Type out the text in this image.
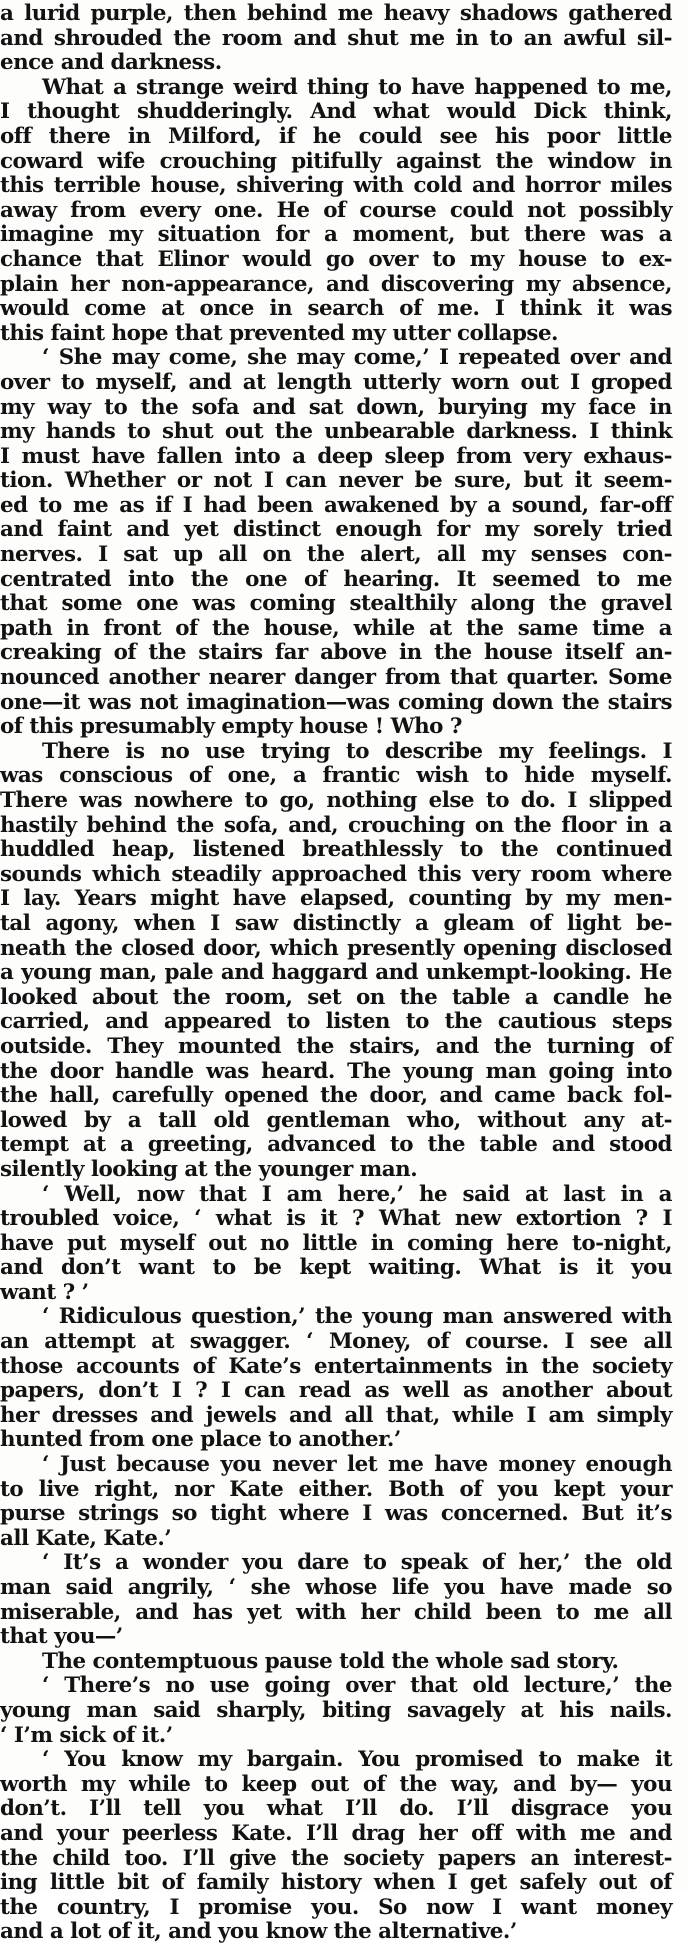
a lurid purple, then behind me heavy shadows gathered
and shrouded the room and shut me in to an awful sil-
ence and darkness.
What a strange weird thing to have happened to me,
I thought shudderingly. And what would Dick think,
off there in Milford, if he could see his poor little
coward wife crouching pitifully against the window in
this terrible house, shivering with cold and horror miles
away from every one. He of course could not possibly
imagine my situation for a moment, but there was a
chance that Elinor would go over to my house to ex-
plain her non-appearance, and discovering my absence,
would come at once in search of me. I think it was
this faint hope that prevented my utter collapse.
‘ She may come, she may come,’ I repeated over and
over to myself, and at length utterly worn out I groped
my way to the sofa and sat down, burying my face in
my hands to shut out the unbearable darkness. I think
I must have fallen into a deep sleep from very exhaus-
tion. Whether or not I can never be sure, but it seem-
ed to me as if I had been awakened by a sound, far-off
and faint and yet distinct enough for my sorely tried
nerves. I sat up all on the alert, all my senses con-
centrated into the one of hearing. It seemed to me
that some one was coming stealthily along the gravel
path in front of the house, while at the same time a
creaking of the stairs far above in the house itself an-
nounced another nearer danger from that quarter. Some
one—it was not imagination—was coming down the stairs
of this presumably empty house ! Who ?
There is no use trying to describe my feelings. I
was conscious of one, a frantic wish to hide myself.
There was nowhere to go, nothing else to do. I slipped
hastily behind the sofa, and, crouching on the floor in a
huddled heap, listened breathlessly to the continued
sounds which steadily approached this very room where
I lay. Years might have elapsed, counting by my men-
tal agony, when I saw distinctly a gleam of light be-
neath the closed door, which presently opening disclosed
a young man, pale and haggard and unkempt-looking. He
looked about the room, set on the table a candle he
carried, and appeared to listen to the cautious steps
outside. They mounted the stairs, and the turning of
the door handle was heard. The young man going into
the hall, carefully opened the door, and came back fol-
lowed by a tall old gentleman who, without any at-
tempt at a greeting, advanced to the table and stood
silently looking at the younger man.
‘ Well, now that I am here,’ he said at last in a
troubled voice, ‘ what is it ? What new extortion ? I
have put myself out no little in coming here to-night,
and don’t want to be kept waiting. What is it you
want ? ’
‘ Ridiculous question,’ the young man answered with
an attempt at swagger. ‘ Money, of course. I see all
those accounts of Kate’s entertainments in the society
papers, don’t I ? I can read as well as another about
her dresses and jewels and all that, while I am simply
hunted from one place to another.’
‘ Just because you never let me have money enough
to live right, nor Kate either. Both of you kept your
purse strings so tight where I was concerned. But it’s
all Kate, Kate.’
‘ It’s a wonder you dare to speak of her,’ the old
man said angrily, ‘ she whose life you have made so
miserable, and has yet with her child been to me all
that you—’
The contemptuous pause told the whole sad story.
‘ There’s no use going over that old lecture,’ the
young man said sharply, biting savagely at his nails.
‘ I’m sick of it.’
‘ You know my bargain. You promised to make it
worth my while to keep out of the way, and by— you
don’t. I’ll tell you what I’ll do. I’ll disgrace you
and your peerless Kate. I’ll drag her off with me and
the child too. I’ll give the society papers an interest-
ing little bit of family history when I get safely out of
the country, I promise you. So now I want money
and a lot of it, and you know the alternative.’
